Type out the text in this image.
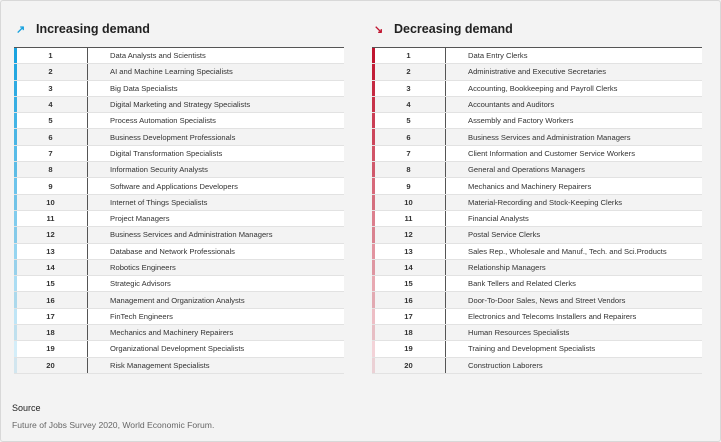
↗ Increasing demand
1	Data Analysts and Scientists
2	AI and Machine Learning Specialists
3	Big Data Specialists
4	Digital Marketing and Strategy Specialists
5	Process Automation Specialists
6	Business Development Professionals
7	Digital Transformation Specialists
8	Information Security Analysts
9	Software and Applications Developers
10	Internet of Things Specialists
11	Project Managers
12	Business Services and Administration Managers
13	Database and Network Professionals
14	Robotics Engineers
15	Strategic Advisors
16	Management and Organization Analysts
17	FinTech Engineers
18	Mechanics and Machinery Repairers
19	Organizational Development Specialists
20	Risk Management Specialists
↘ Decreasing demand
1	Data Entry Clerks
2	Administrative and Executive Secretaries
3	Accounting, Bookkeeping and Payroll Clerks
4	Accountants and Auditors
5	Assembly and Factory Workers
6	Business Services and Administration Managers
7	Client Information and Customer Service Workers
8	General and Operations Managers
9	Mechanics and Machinery Repairers
10	Material-Recording and Stock-Keeping Clerks
11	Financial Analysts
12	Postal Service Clerks
13	Sales Rep., Wholesale and Manuf., Tech. and Sci.Products
14	Relationship Managers
15	Bank Tellers and Related Clerks
16	Door-To-Door Sales, News and Street Vendors
17	Electronics and Telecoms Installers and Repairers
18	Human Resources Specialists
19	Training and Development Specialists
20	Construction Laborers
Source
Future of Jobs Survey 2020, World Economic Forum.
